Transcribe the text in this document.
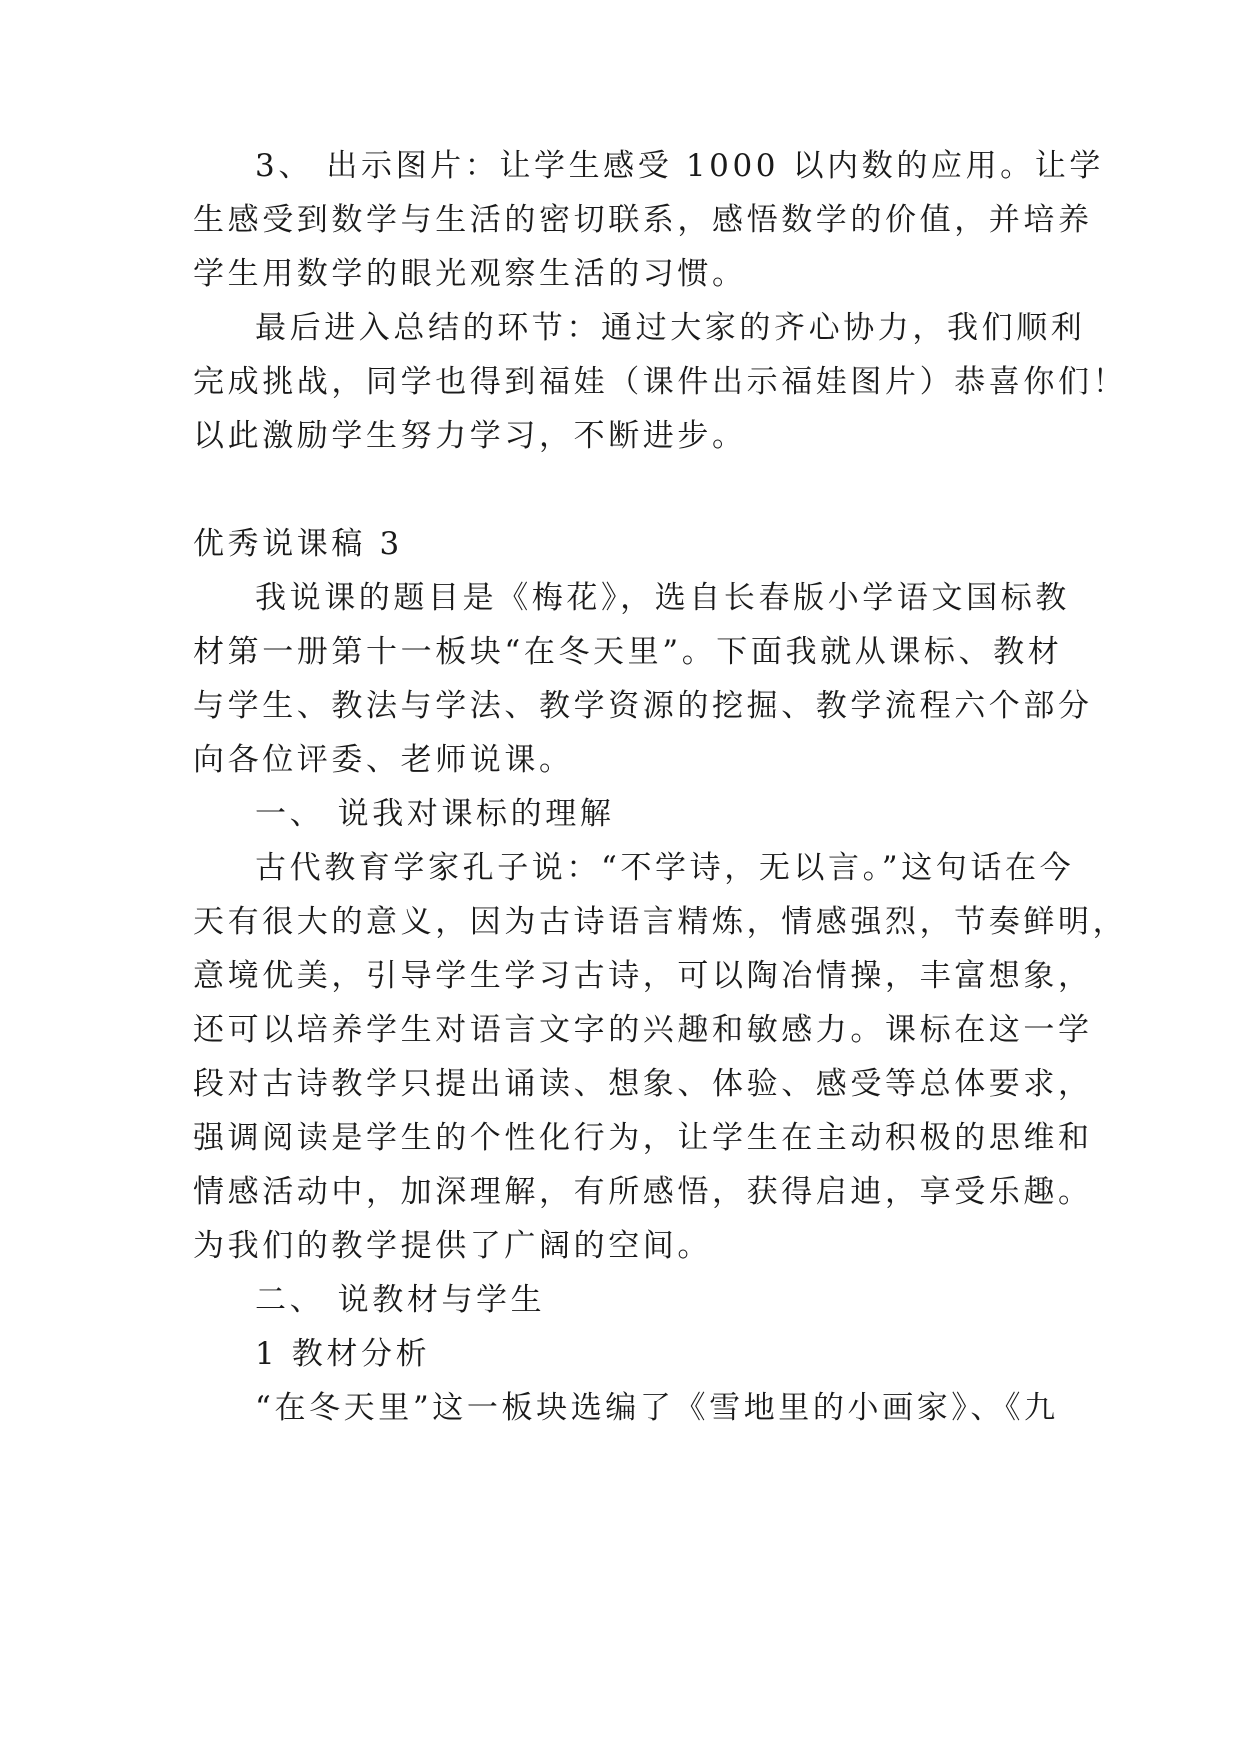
3、 出示图片：让学生感受 1000 以内数的应用。让学
生感受到数学与生活的密切联系，感悟数学的价值，并培养
学生用数学的眼光观察生活的习惯。
最后进入总结的环节：通过大家的齐心协力，我们顺利
完成挑战，同学也得到福娃（课件出示福娃图片）恭喜你们！
以此激励学生努力学习，不断进步。
优秀说课稿 3
我说课的题目是《梅花》，选自长春版小学语文国标教
材第一册第十一板块“在冬天里”。下面我就从课标、教材
与学生、教法与学法、教学资源的挖掘、教学流程六个部分
向各位评委、老师说课。
一、 说我对课标的理解
古代教育学家孔子说：“不学诗，无以言。”这句话在今
天有很大的意义，因为古诗语言精炼，情感强烈，节奏鲜明，
意境优美，引导学生学习古诗，可以陶冶情操，丰富想象，
还可以培养学生对语言文字的兴趣和敏感力。课标在这一学
段对古诗教学只提出诵读、想象、体验、感受等总体要求，
强调阅读是学生的个性化行为，让学生在主动积极的思维和
情感活动中，加深理解，有所感悟，获得启迪，享受乐趣。
为我们的教学提供了广阔的空间。
二、 说教材与学生
1 教材分析
“在冬天里”这一板块选编了《雪地里的小画家》、《九
